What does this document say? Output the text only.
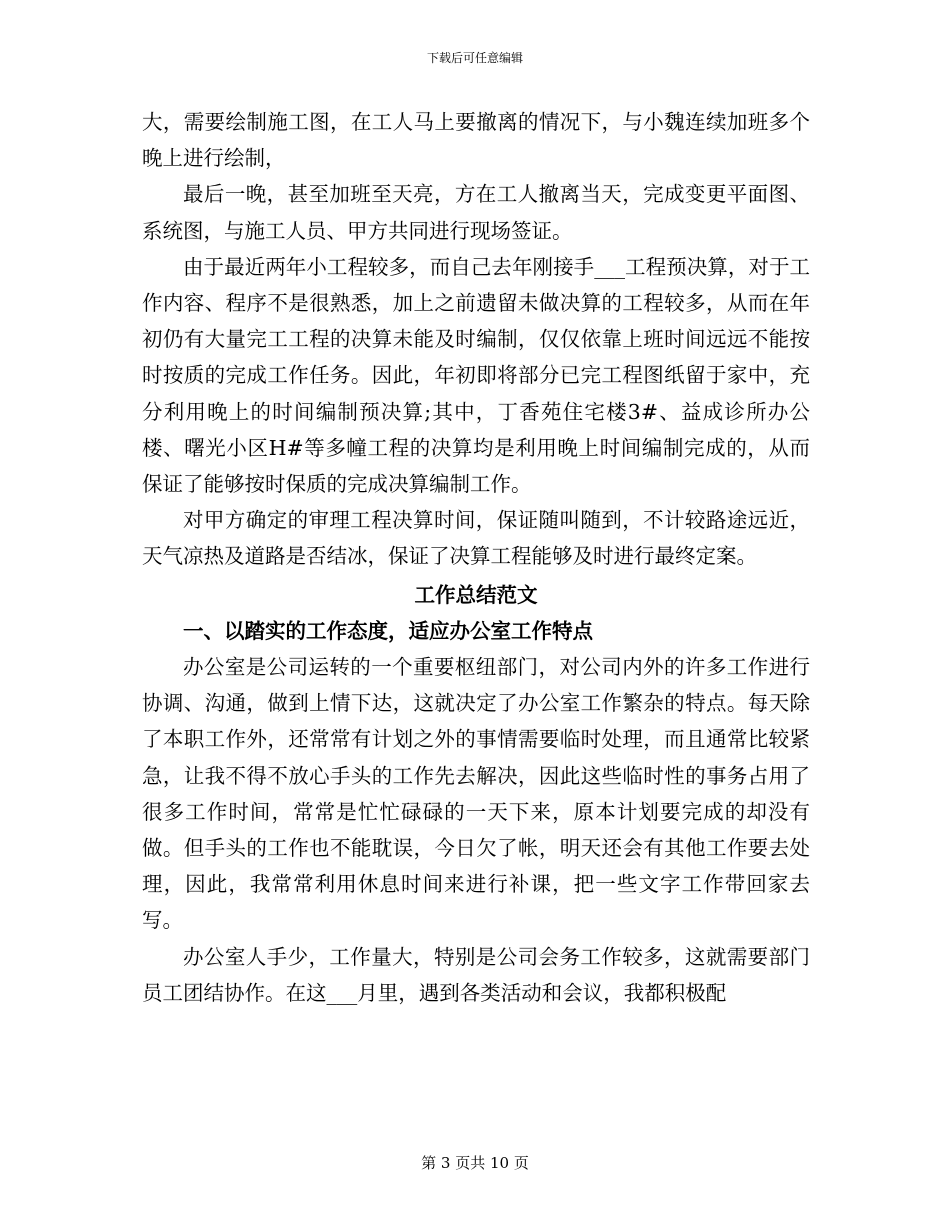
下载后可任意编辑

大，需要绘制施工图，在工人马上要撤离的情况下，与小魏连续加班多个晚上进行绘制，

最后一晚，甚至加班至天亮，方在工人撤离当天，完成变更平面图、系统图，与施工人员、甲方共同进行现场签证。

由于最近两年小工程较多，而自己去年刚接手___工程预决算，对于工作内容、程序不是很熟悉，加上之前遗留未做决算的工程较多，从而在年初仍有大量完工工程的决算未能及时编制，仅仅依靠上班时间远远不能按时按质的完成工作任务。因此，年初即将部分已完工程图纸留于家中，充分利用晚上的时间编制预决算;其中，丁香苑住宅楼3#、益成诊所办公楼、曙光小区H#等多幢工程的决算均是利用晚上时间编制完成的，从而保证了能够按时保质的完成决算编制工作。

对甲方确定的审理工程决算时间，保证随叫随到，不计较路途远近，天气凉热及道路是否结冰，保证了决算工程能够及时进行最终定案。

工作总结范文

一、以踏实的工作态度，适应办公室工作特点

办公室是公司运转的一个重要枢纽部门，对公司内外的许多工作进行协调、沟通，做到上情下达，这就决定了办公室工作繁杂的特点。每天除了本职工作外，还常常有计划之外的事情需要临时处理，而且通常比较紧急，让我不得不放心手头的工作先去解决，因此这些临时性的事务占用了很多工作时间，常常是忙忙碌碌的一天下来，原本计划要完成的却没有做。但手头的工作也不能耽误，今日欠了帐，明天还会有其他工作要去处理，因此，我常常利用休息时间来进行补课，把一些文字工作带回家去写。

办公室人手少，工作量大，特别是公司会务工作较多，这就需要部门员工团结协作。在这___月里，遇到各类活动和会议，我都积极配

第 3 页共 10 页
